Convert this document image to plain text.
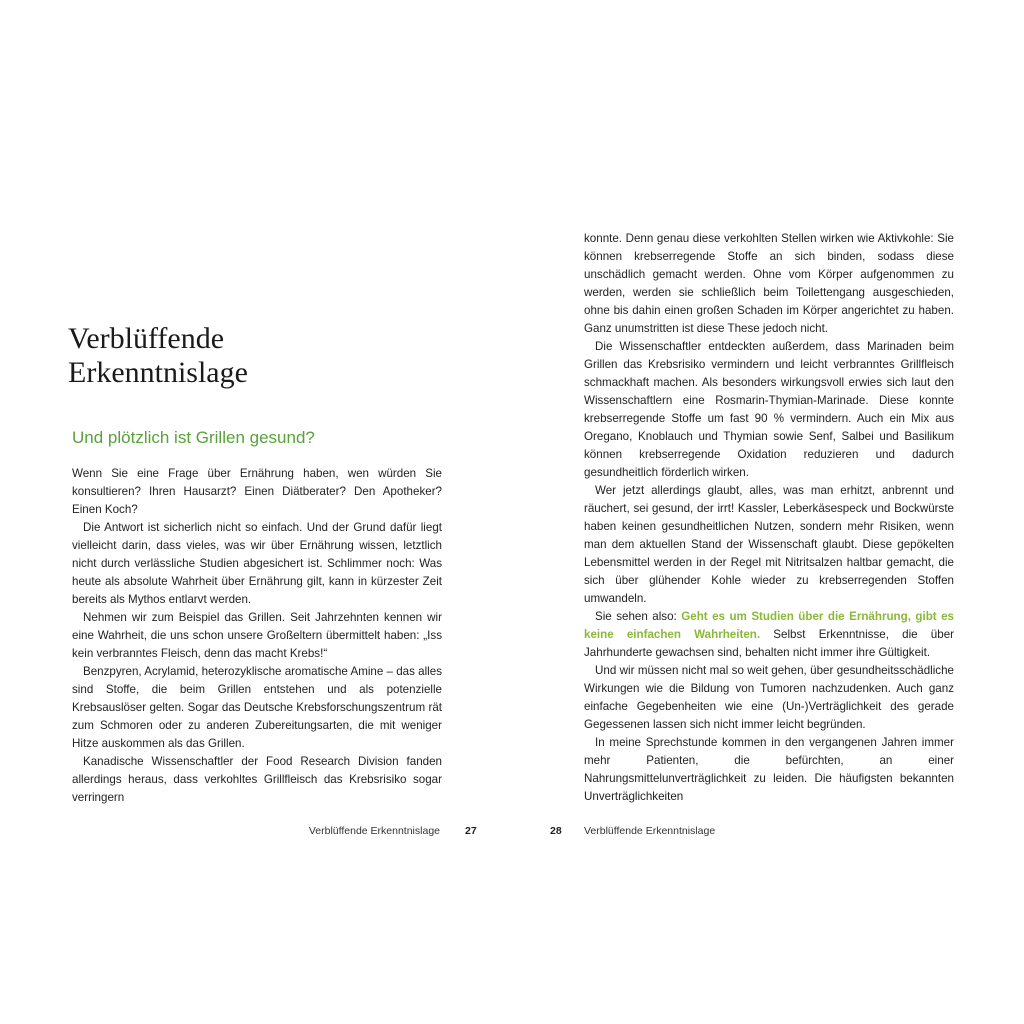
Verblüffende
Erkenntnislage
Und plötzlich ist Grillen gesund?

Wenn Sie eine Frage über Ernährung haben, wen würden Sie konsultieren? Ihren Hausarzt? Einen Diätberater? Den Apotheker? Einen Koch?

Die Antwort ist sicherlich nicht so einfach. Und der Grund dafür liegt vielleicht darin, dass vieles, was wir über Ernährung wissen, letztlich nicht durch verlässliche Studien abgesichert ist. Schlimmer noch: Was heute als absolute Wahrheit über Ernährung gilt, kann in kürzester Zeit bereits als Mythos entlarvt werden.

Nehmen wir zum Beispiel das Grillen. Seit Jahrzehnten kennen wir eine Wahrheit, die uns schon unsere Großeltern übermittelt haben: „Iss kein verbranntes Fleisch, denn das macht Krebs!“

Benzpyren, Acrylamid, heterozyklische aromatische Amine – das alles sind Stoffe, die beim Grillen entstehen und als potenzielle Krebsauslöser gelten. Sogar das Deutsche Krebsforschungszentrum rät zum Schmoren oder zu anderen Zubereitungsarten, die mit weniger Hitze auskommen als das Grillen.

Kanadische Wissenschaftler der Food Research Division fanden allerdings heraus, dass verkohltes Grillfleisch das Krebsrisiko sogar verringern

Verblüffende Erkenntnislage 27

konnte. Denn genau diese verkohlten Stellen wirken wie Aktivkohle: Sie können krebserregende Stoffe an sich binden, sodass diese unschädlich gemacht werden. Ohne vom Körper aufgenommen zu werden, werden sie schließlich beim Toilettengang ausgeschieden, ohne bis dahin einen großen Schaden im Körper angerichtet zu haben. Ganz unumstritten ist diese These jedoch nicht.

Die Wissenschaftler entdeckten außerdem, dass Marinaden beim Grillen das Krebsrisiko vermindern und leicht verbranntes Grillfleisch schmackhaft machen. Als besonders wirkungsvoll erwies sich laut den Wissenschaftlern eine Rosmarin-Thymian-Marinade. Diese konnte krebserregende Stoffe um fast 90 % vermindern. Auch ein Mix aus Oregano, Knoblauch und Thymian sowie Senf, Salbei und Basilikum können krebserregende Oxidation reduzieren und dadurch gesundheitlich förderlich wirken.

Wer jetzt allerdings glaubt, alles, was man erhitzt, anbrennt und räuchert, sei gesund, der irrt! Kassler, Leberkäsespeck und Bockwürste haben keinen gesundheitlichen Nutzen, sondern mehr Risiken, wenn man dem aktuellen Stand der Wissenschaft glaubt. Diese gepökelten Lebensmittel werden in der Regel mit Nitritsalzen haltbar gemacht, die sich über glühender Kohle wieder zu krebserregenden Stoffen umwandeln.

Sie sehen also: Geht es um Studien über die Ernährung, gibt es keine einfachen Wahrheiten. Selbst Erkenntnisse, die über Jahrhunderte gewachsen sind, behalten nicht immer ihre Gültigkeit.

Und wir müssen nicht mal so weit gehen, über gesundheitsschädliche Wirkungen wie die Bildung von Tumoren nachzudenken. Auch ganz einfache Gegebenheiten wie eine (Un-)Verträglichkeit des gerade Gegessenen lassen sich nicht immer leicht begründen.

In meine Sprechstunde kommen in den vergangenen Jahren immer mehr Patienten, die befürchten, an einer Nahrungsmittelunverträglichkeit zu leiden. Die häufigsten bekannten Unverträglichkeiten

28 Verblüffende Erkenntnislage
